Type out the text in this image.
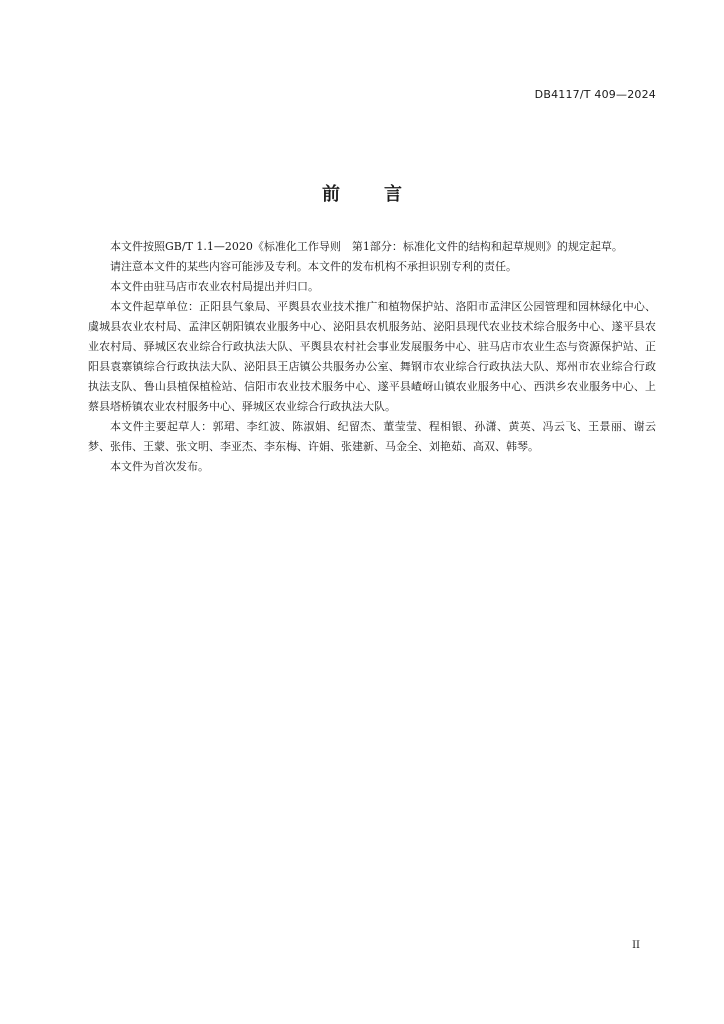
DB4117/T 409—2024
前 言

本文件按照GB/T 1.1—2020《标准化工作导则　第1部分：标准化文件的结构和起草规则》的规定起草。

请注意本文件的某些内容可能涉及专利。本文件的发布机构不承担识别专利的责任。

本文件由驻马店市农业农村局提出并归口。

本文件起草单位：正阳县气象局、平舆县农业技术推广和植物保护站、洛阳市孟津区公园管理和园林绿化中心、虞城县农业农村局、孟津区朝阳镇农业服务中心、泌阳县农机服务站、泌阳县现代农业技术综合服务中心、遂平县农业农村局、驿城区农业综合行政执法大队、平舆县农村社会事业发展服务中心、驻马店市农业生态与资源保护站、正阳县袁寨镇综合行政执法大队、泌阳县王店镇公共服务办公室、舞钢市农业综合行政执法大队、郑州市农业综合行政执法支队、鲁山县植保植检站、信阳市农业技术服务中心、遂平县嵖岈山镇农业服务中心、西洪乡农业服务中心、上蔡县塔桥镇农业农村服务中心、驿城区农业综合行政执法大队。

本文件主要起草人：郭珺、李红波、陈淑娟、纪留杰、董莹莹、程相银、孙潇、黄英、冯云飞、王景丽、谢云梦、张伟、王蒙、张文明、李亚杰、李东梅、许娟、张建新、马金全、刘艳茹、高双、韩琴。

本文件为首次发布。

II
